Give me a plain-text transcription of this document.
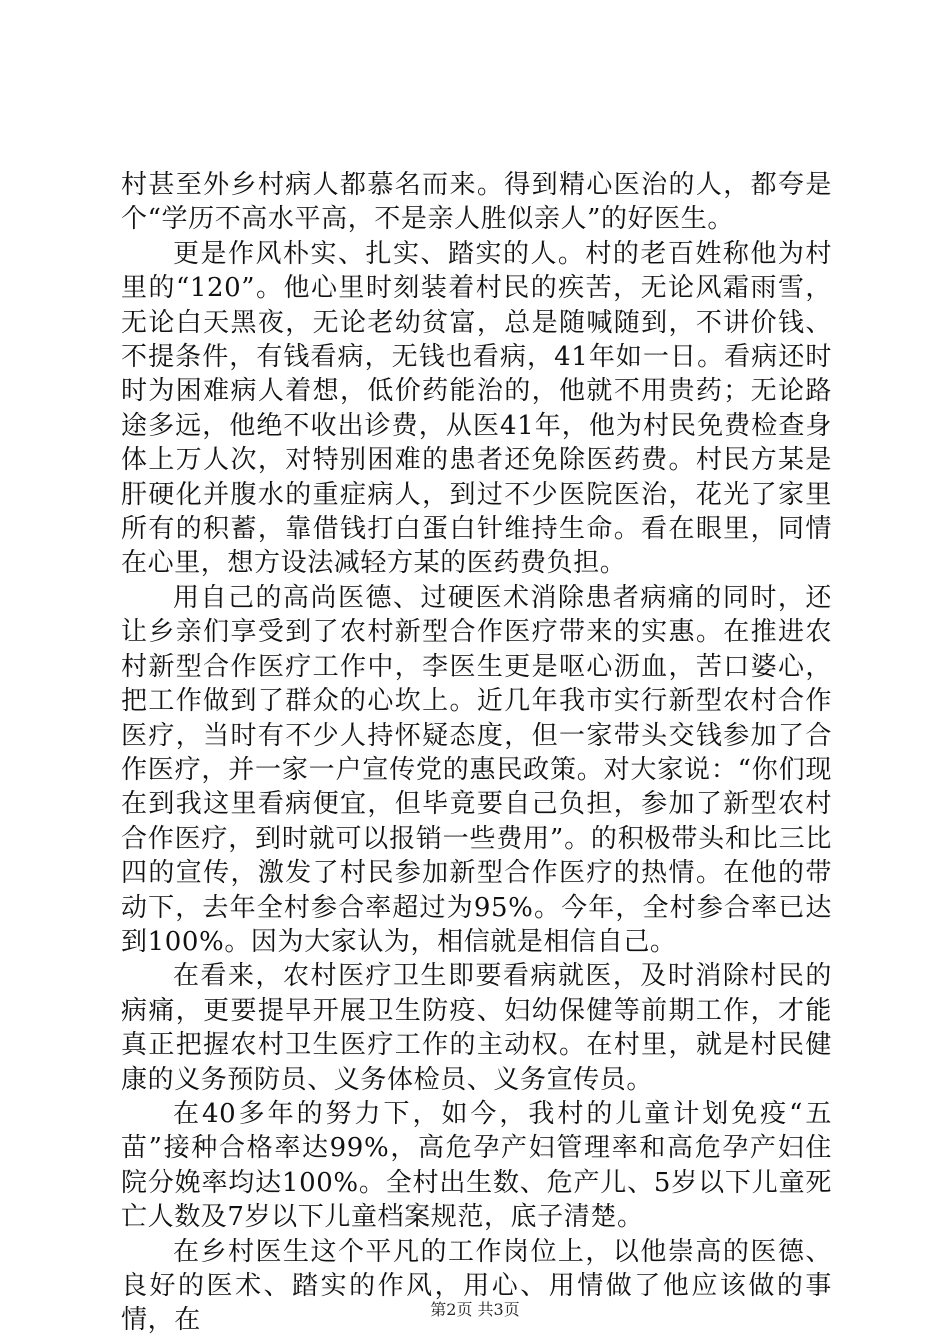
村甚至外乡村病人都慕名而来。得到精心医治的人，都夸是个“学历不高水平高，不是亲人胜似亲人”的好医生。

更是作风朴实、扎实、踏实的人。村的老百姓称他为村里的“120”。他心里时刻装着村民的疾苦，无论风霜雨雪，无论白天黑夜，无论老幼贫富，总是随喊随到，不讲价钱、不提条件，有钱看病，无钱也看病，41年如一日。看病还时时为困难病人着想，低价药能治的，他就不用贵药；无论路途多远，他绝不收出诊费，从医41年，他为村民免费检查身体上万人次，对特别困难的患者还免除医药费。村民方某是肝硬化并腹水的重症病人，到过不少医院医治，花光了家里所有的积蓄，靠借钱打白蛋白针维持生命。看在眼里，同情在心里，想方设法减轻方某的医药费负担。

用自己的高尚医德、过硬医术消除患者病痛的同时，还让乡亲们享受到了农村新型合作医疗带来的实惠。在推进农村新型合作医疗工作中，李医生更是呕心沥血，苦口婆心，把工作做到了群众的心坎上。近几年我市实行新型农村合作医疗，当时有不少人持怀疑态度，但一家带头交钱参加了合作医疗，并一家一户宣传党的惠民政策。对大家说：“你们现在到我这里看病便宜，但毕竟要自己负担，参加了新型农村合作医疗，到时就可以报销一些费用”。的积极带头和比三比四的宣传，激发了村民参加新型合作医疗的热情。在他的带动下，去年全村参合率超过为95%。今年，全村参合率已达到100%。因为大家认为，相信就是相信自己。

在看来，农村医疗卫生即要看病就医，及时消除村民的病痛，更要提早开展卫生防疫、妇幼保健等前期工作，才能真正把握农村卫生医疗工作的主动权。在村里，就是村民健康的义务预防员、义务体检员、义务宣传员。

在40多年的努力下，如今，我村的儿童计划免疫“五苗”接种合格率达99%，高危孕产妇管理率和高危孕产妇住院分娩率均达100%。全村出生数、危产儿、5岁以下儿童死亡人数及7岁以下儿童档案规范，底子清楚。

在乡村医生这个平凡的工作岗位上，以他崇高的医德、良好的医术、踏实的作风，用心、用情做了他应该做的事情，在	第2页 共3页
